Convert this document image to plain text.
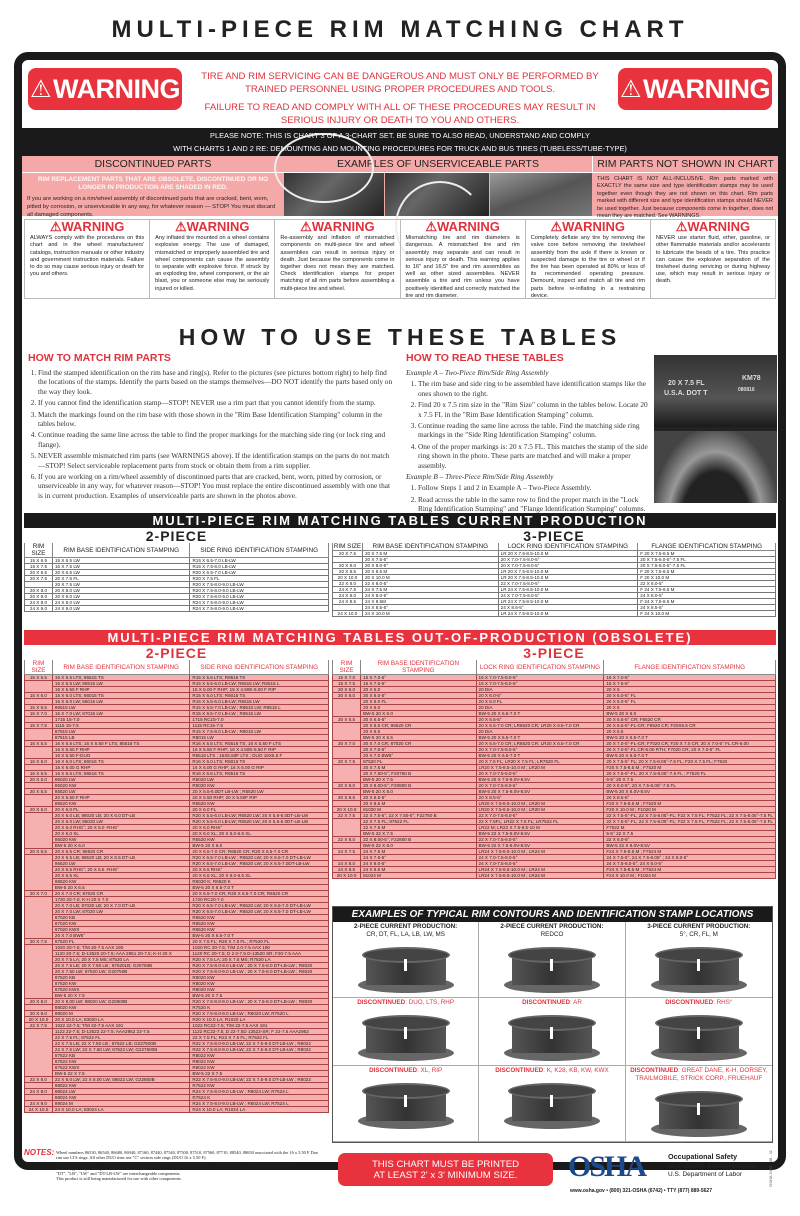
MULTI-PIECE RIM MATCHING CHART
⚠ WARNING	⚠ WARNING

TIRE AND RIM SERVICING CAN BE DANGEROUS AND MUST ONLY BE PERFORMED BY TRAINED PERSONNEL USING PROPER PROCEDURES AND TOOLS.

FAILURE TO READ AND COMPLY WITH ALL OF THESE PROCEDURES MAY RESULT IN SERIOUS INJURY OR DEATH TO YOU AND OTHERS.

PLEASE NOTE: THIS IS CHART 3 OF A 3-CHART SET. BE SURE TO ALSO READ, UNDERSTAND AND COMPLY
WITH CHARTS 1 AND 2 RE: DEMOUNTING AND MOUNTING PROCEDURES FOR TRUCK AND BUS TIRES (TUBELESS/TUBE-TYPE)
DISCONTINUED PARTS	EXAMPLES OF UNSERVICEABLE PARTS	RIM PARTS NOT SHOWN IN CHART
RIM REPLACEMENT PARTS THAT ARE OBSOLETE, DISCONTINUED OR NO LONGER IN PRODUCTION ARE SHADED IN RED.
If you are working on a rim/wheel assembly of discontinued parts that are cracked, bent, worn, pitted by corrosion, or unserviceable in any way, for whatever reason — STOP! You must discard all damaged components.
THIS CHART IS NOT ALL-INCLUSIVE. Rim parts marked with EXACTLY the same size and type identification stamps may be used together even though they are not shown on this chart. Rim parts marked with different size and type identification stamps should NEVER be used together. Just because components come in together, does not mean they are matched. See WARNINGS.
⚠WARNING
ALWAYS comply with the procedures on this chart and in the wheel manufacturers' catalogs, instruction manuals or other industry and government instruction materials. Failure to do so may cause serious injury or death for you and others.
⚠WARNING
Any inflated tire mounted on a wheel contains explosive energy. The use of damaged, mismatched or improperly assembled tire and wheel components can cause the assembly to separate with explosive force. If struck by an exploding tire, wheel component, or the air blast, you or someone else may be seriously injured or killed.
⚠WARNING
Re-assembly and inflation of mismatched components on multi-piece tire and wheel assemblies can result in serious injury or death. Just because the components come in together does not mean they are matched. Check identification stamps for proper matching of all rim parts before assembling a multi-piece tire and wheel.
⚠WARNING
Mismatching tire and rim diameters is dangerous. A mismatched tire and rim assembly may separate and can result in serious injury or death. This warning applies to 16" and 16.5" tire and rim assemblies as well as other sized assemblies. NEVER assemble a tire and rim unless you have positively identified and correctly matched the tire and rim diameter.
⚠WARNING
Completely deflate any tire by removing the valve core before removing the tire/wheel assembly from the axle if there is known or suspected damage to the tire or wheel or if the tire has been operated at 80% or less of its recommended operating pressure. Demount, inspect and match all tire and rim parts before re-inflating in a restraining device.
⚠WARNING
NEVER use starter fluid, ether, gasoline, or other flammable materials and/or accelerants to lubricate the beads of a tire. This practice can cause the explosive separation of the tire/wheel during servicing or during highway use, which may result in serious injury or death.
HOW TO USE THESE TABLES
HOW TO MATCH RIM PARTS
1. Find the stamped identification on the rim base and ring(s). Refer to the pictures (see pictures bottom right) to help find the locations of the stamps. Identify the parts based on the stamps themselves—DO NOT identify the parts based only on the way they look.
2. If you cannot find the identification stamp—STOP! NEVER use a rim part that you cannot identify from the stamp.
3. Match the markings found on the rim base with those shown in the "Rim Base Identification Stamping" column in the tables below.
4. Continue reading the same line across the table to find the proper markings for the matching side ring (or lock ring and flange).
5. NEVER assemble mismatched rim parts (see WARNINGS above). If the identification stamps on the parts do not match—STOP! Select serviceable replacement parts from stock or obtain them from a rim supplier.
6. If you are working on a rim/wheel assembly of discontinued parts that are cracked, bent, worn, pitted by corrosion, or unserviceable in any way, for whatever reason—STOP! You must replace the entire discontinued assembly with one that is in current production. Examples of unserviceable parts are shown in the photos above.
HOW TO READ THESE TABLES
Example A – Two-Piece Rim/Side Ring Assembly
1. The rim base and side ring to be assembled have identification stamps like the ones shown to the right.
2. Find 20 x 7.5 rim size in the "Rim Size" column in the tables below. Locate 20 x 7.5 FL in the "Rim Base Identification Stamping" column.
3. Continue reading the same line across the table. Find the matching side ring markings in the "Side Ring Identification Stamping" column.
4. One of the proper markings is: 20 x 7.5 FL. This matches the stamp of the side ring shown in the photo. These parts are matched and will make a proper assembly.
Example B – Three-Piece Rim/Side Ring Assembly
1. Follow Steps 1 and 2 in Example A – Two-Piece Assembly.
2. Read across the table in the same row to find the proper match in the "Lock Ring Identification Stamping" and "Flange Identification Stamping" columns.
20 X 7.5 FL
U.S.A. DOT T
KM78
080816
MULTI-PIECE RIM MATCHING TABLES CURRENT PRODUCTION
2-PIECE	3-PIECE
RIM SIZE	RIM BASE IDENTIFICATION STAMPING	SIDE RING IDENTIFICATION STAMPING
15 X 6.5	15 X 6.5 LW	R15 X 6.5-7.0 LB-LW
15 X 7.5	15 X 7.5 LW	R15 X 7.5-8.0 LB-LW
20 X 6.5	20 X 6.5 LW	R20 X 6.5-7.0 LB-LW
20 X 7.5	20 X 7.5 FL	R20 X 7.5 FL
	20 X 7.5 LW	R20 X 7.5-8.0-9.0 LB-LW
20 X 8.0	20 X 8.0 LW	R20 X 7.5-8.0-9.0 LB-LW
20 X 9.0	20 X 9.0 LW	R20 X 7.5-8.0-9.0 LB-LW
24 X 8.0	24 X 8.0 LW	R24 X 7.5-8.0-9.0 LB-LW
24 X 9.0	24 X 9.0 LW	R24 X 7.5-8.0-9.0 LB-LW
RIM SIZE	RIM BASE IDENTIFICATION STAMPING	LOCK RING IDENTIFICATION STAMPING	FLANGE IDENTIFICATION STAMPING
20 X 7.5	20 X 7.5 M	LR 20 X 7.5-8.5-10.0 M	F 20 X 7.5-8.5 M
	20 X 7.5-5°	20 X 7.0-7.5-8.0-5°	20 X 7.5-8.0-5°-7.5 FL
20 X 8.0	20 X 8.0-5°	20 X 7.0-7.5-8.0-5°	20 X 7.5-8.0-5°-7.5 FL
20 X 8.5	20 X 8.5 M	LR 20 X 7.5-8.5-10.0 M	F 20 X 7.5-8.5 M
20 X 10.0	20 X 10.0 M	LR 20 X 7.5-8.5-10.0 M	F 20 X 10.0 M
22 X 8.0	22 X 8.0-5°	22 X 7.0-7.5-8.0-5°	22 X 8.0-5°
24 X 7.5	24 X 7.5 M	LR 24 X 7.5-8.5-10.0 M	F 24 X 7.5-8.5 M
24 X 8.0	24 X 8.0-5°	24 X 7.0-7.5-8.0-5°	24 X 8.0-5°
24 X 8.5	24 X 8.5M	LR 24 X 7.5-8.5-10.0 M	F 24 X 7.5-8.5 M
	24 X 8.5-5°	24 X 8.5-5°	24 X 8.5-5°
24 X 10.0	24 X 10.0 M	LR 24 X 7.5-8.5-10.0 M	F 24 X 10.0 M
MULTI-PIECE RIM MATCHING TABLES OUT-OF-PRODUCTION (OBSOLETE)
2-PIECE	3-PIECE
RIM SIZE	RIM BASE IDENTIFICATION STAMPING	SIDE RING IDENTIFICATION STAMPING
15 X 5.5	15 X 5.5 LTS; 85515 TS	R15 X 5.5 LTS; R8515 TS
	15 X 5.5 LW; 85515 LW	R15 X 5.5-6.0 LB-LW; R5515 LW; R5515 L
	15 X 5.50 F RHP	15 X 5.00 F RHP; 15 X 4.50E-5.00 F RIP
15 X 6.0	15 X 6.0 LTS; 86015 TS	R15 X 6.0 LTS; R6015 TS
	15 X 6.0 LW; 86015 LW	R15 X 5.5-6.0 LB-LW; R5515 LW
15 X 6.5	86515 LW	R15 X 6.5-7.0 LB-LW ; R6515 LW; R6515 L
15 X 7.0	15 X 7.0 LW; 87015 LW	R15 X 6.5-7.0 LB-LW ; R6515 LW
	1715 15-7.0	1715 RC15-7.0
15 X 7.5	1115 15-7.5	1115 RC15-7.5
	87515 LW	R15 X 7.5-8.0 LB-LW ; R8015 LW
	87515 LB	R8015 LW
16 X 5.5	16 X 5.5 LTS; 16 X 5.50 F LTS; 85516 TS	R16 X 5.5 LTS; R5516 TS; 16 X 5.50 F LTS
	16 X 5.50 F RHP	16 X 5.50 F RHP; 16 X 4.50E-5.50 F RIP
	16 X 5.50 F-DUO	R5516 LTS ; 16X5.50F LTS ; DUO 16X5.5 F
16 X 6.0	16 X 6.0 LTS; 86016 TS	R16 X 6.0 LTS; R6016 TS
	16 X 6.00 G RHP	16 X 6.00 G RHP; 16 X 6.00 G RIP
16 X 6.5	16 X 6.5 LTS; 86516 TS	R16 X 6.5 LTS; R6516 TS
20 X 5.0	85020 LW	R5020 LW
	85020 KW	R5020 KW
20 X 5.5	85520 LW	20 X 5.5-6.0DT LB-LW ; R5520 LW
	20 X 5.50 F RHP	20 X 5.50 RHP; 20 X 5.50F RIP
	85520 KW	R5520 KW
20 X 6.0	20 X 6.0 FL	20 X 6.0 FL
	20 X 6.0 LB; 86020 LB; 20 X 6.0 DT-LB	R20 X 5.5-6.0 LB-LW; R5520 LW; 20 X 5.5-6.0DT-LB-LW
	20 X 6.0 LW; 86020 LW	R20 X 5.5-6.0 LB-LW; R5520 LW; 20 X 5.5-6.0DT-LB-LW
	20 X 6.0 RHS°; 20 X 6.0 -RHS°	20 X 6.0 RHS°
	20 X 6.0 XL	20 X 6.0 XL; 20 X 6.0-6.5 XL
	86020 KW	R5520 KW
	BW-5 20 X 6.0	BW-5 20 X 6.0
20 X 6.5	20 X 6.5 CR; 86520 CR	20 X 6.5-7.0 CR; R6520 CR; R20 X 6.5-7.0 CR
	20 X 6.5 LB; 86520 LB; 20 X 6.5 DT-LB	R20 X 6.5-7.0 LB-LW ; R6520 LW; 20 X 6.5-7.0 DT-LB-LW
	86520 LW	R20 X 6.5-7.0 LB-LW ; R6520 LW; 20 X 6.5-7.0DT-LB-LW
	20 X 6.5 RHS°; 20 X 6.5 -RHS°	20 X 6.5 RHS°
	20 X 6.5 XL	20 X 6.5 XL; 20 X 6.0-6.5 XL
	86520 KW	R6020 K; R6520 K
	BW-5 20 X 6.5	BW-5 20 X 6.5-7.0 T
20 X 7.0	20 X 7.0 CR; 87020 CR	20 X 6.5-7.0 CR; R20 X 6.5-7.0 CR; R6520 CR
	1720 20-7.0; K-H 20 X 7.0	1720 RC20-7.0
	20 X 7.0 LB; 87020 LB; 20 X 7.0 DT-LB	R20 X 6.5-7.0 LB-LW ; R6520 LW; 20 X 6.5-7.0 DT-LB-LW
	20 X 7.0 LW; 87020 LW	R20 X 6.5-7.0 LB-LW ; R6520 LW; 20 X 6.5-7.0 DT-LB-LW
	87020 KB	R6520 KW
	87020 KW	R6520 KW
	87020 KWX	R6520 KW
	20 X 7.0 BW5°	BW-5 20 X 6.5-7.0 T
20 X 7.5	87520 FL	20 X 7.5 FL; R20 X 7.5 FL ; R7520 FL
	1020 20-7.5; T/M 20-7.5 AAX 190	1020 RC 20-7.5; T/M 2.0-7.5 AAX 190
	1120 20-7.5; D-13520 20-7.5; AAA 2951 20-7.5; K-H 20 X	1120 RC 20-7.5; D 2.0-7.5 D-13520 SR; F20-7.5 AAA
	20 X 7.5 LA; 20 X 7.5 MS; 87520 LA	R20 X 7.5 LA; 20 X 7.5 MS; R7520 LA
	20 X 7.5 LB; 20 X 7.50 LB ; 87520LB; G20750B	R20 X 7.5-8.0-9.0 LB-LW ; 20 X 7.5-8.0 DT-LB-LW ; R8020
	20 X 7.50 LW; 87520 LW; G20750B	R20 X 7.5-8.0-9.0 LB-LW ; 20 X 7.5-8.0 DT-LB-LW ; R8020
	87520 KB	R8020 KW
	87520 KW	R8020 KW
	87520 KWX	R8020 KW
	BW-5 20 X 7.5	BW-5 20 X 7.5
20 X 8.0	20 X 8.00 LW; 88020 LW; G20800B	R20 X 7.5-8.0-9.0 LB-LW ; 20 X 7.5-8.0 DT-LB-LW ; R8020
	88020 KW	R7520 K
20 X 9.0	89020 M	R20 X 7.5-8.0-9.0 LB-LW ; R8020 LW; R7520 L
20 X 10.0	20 X 10.0 LA; 83020 LA	R20 X 10.0 LA; R1020 LA
22 X 7.5	1022 22-7.5; T/M 22-7.5 AAX 191	1022 RC22-7.5; T/M 22-7.5 AAX 191
	1122 22-7.5; D-13522 22-7.5; AAA2952 22-7.5	1122 RC22-7.5; D 22-7.5D 13522-SR; F 22-7.5 AAA2952
	22 X 7.5 FL; 87522 FL	22 X 7.5 FL; R22 X 7.5 FL; R7522 FL
	22 X 7.5 LB; 22 X 7.50 LB ; 87522 LB; G227500B	R22 X 7.5-8.0-9.0 LB-LW; 22 X 7.5-8.0 DT-LB-LW ; R8022
	22 X 7.5 LW; 22 X 7.50 LW; 87522 LW; G227500B	R22 X 7.5-8.0-9.0 LB-LW; 22 X 7.5-8.0 DT-LB-LW ; R8022
	87522 KB	R8022 KW
	87522 KW	R8022 KW
	87522 KWX	R8022 KW
	BW-5 22 X 7.5	BW-5 22 X 7.5
22 X 8.0	22 X 8.0 LW; 22 X 8.00 LW; 88022 LW; G22800B	R22 X 7.5-8.0-9.0 LB-LW; 22 X 7.5-8.0 DT-LB-LW ; R8022
	88022 KW	R7522 KW
24 X 8.0	88024 LW	R24 X 7.5-8.0-9.0 LB-LW ; R8024 LW; R7524 L
	88024 KW	R7524 K
24 X 9.0	89024 M	R24 X 7.5-8.0-9.0 LB-LW ; R8024 LW; R7524 L
24 X 10.0	24 X 10.0 LA; 83024 LA	R24 X 10.0 LA; R1024 LA
RIM SIZE	RIM BASE IDENTIFICATION STAMPING	LOCK RING IDENTIFICATION STAMPING	FLANGE IDENTIFICATION STAMPING
15 X 7.0	15 X 7.0-5°	15 X 7.0-7.5-8.0-5°	15 X 7.0-5°
15 X 7.5	15 X 7.5-5°	15 X 7.0-7.5-8.0-5°	15 X 7.5-5°
20 X 5.0	20 X 5.0	20 DIA	20 X 5
20 X 6.0	20 X 6.0-5°	20 X 6.0-5°	20 X 6.0-5° FL
	20 X 6.0 FL	20 X 6.0 FL	20 X 6.0-5° FL
	20 X 6.0	20 DIA	20 X 6
	BW-5 20 X 6.0	BW-5 20 X 6.5-7.0 T	BW-5 20 X 6.0
20 X 6.5	20 X 6.5-5°	20 X 6.5-5°	20 X 6.5-5° CR; F6520 CR
	20 X 6.5 CR; 86520 CR	20 X 6.5-7.0 CR; LR6520 CR; LR20 X 6.5-7.0 CR	20 X 6.5-5°-FL-CR; F6520 CR; F20X6.5 CR
	20 X 6.5	20 DIA	20 X 6.5
	BW-5 20 X 6.5	BW-5 20 X 6.5-7.0 T	BW-5 20 X 6.5-7.0 T
20 X 7.0	20 X 7.0 CR; 87020 CR	20 X 6.5-7.0 CR; LR6520 CR; LR20 X 6.5-7.0 CR	20 X 7.0-5°-FL-CR; F7020 CR; F20 X 7.0 CR; 20 X 7.0-5° FL CR-6.00
	20 X 7.0-5°	20 X 7.0-7.5-8.0-5°	20 X 7.0-5°-FL CR-6.00 RTH; F7020 CR; 20 X 7.0-5° FL
	20 X 7.0 BW5°	BW-5 20 X 6.5-7.0 T	BW-5 20 X 6.5-7.0 T
20 X 7.5	87520 FL	20 X 7.5 FL; LR20 X 7.5 FL; LR7520 FL	20 X 7.5-5° FL; 20 X 7.5-8.05°-7.5 FL; F20 X 7.5 FL; F7520
	20 X 7.5 M	LR20 X 7.5-8.5-10.0 M ; LR20 M	F20 X 7.5-8.5 M ; F7520 M
	20 X 7.50-5°; F20750 B	20 X 7.0-7.5-8.0-5°	20 X 7.5-5°-FL; 20 X 7.5-8.05°-7.5 FL ; F7520 FL
	BW-5 20 X 7.5	BW-5 20 X 7.5-8.0V-8.5V	5-5° 20 X 7.5
20 X 8.0	20 X 8.00-5°; F20800 B	20 X 7.0-7.5-8.0-5°	20 X 8.0-5°; 20 X 7.5-8.05°-7.5 FL
	BW-5 20 X 8.0	BW-5 20 X 7.5-8.0V-8.5V	BW-5 20 X 8.0V-8.5V
20 X 8.5	20 X 8.5-5°	20 X 8.5-5°	20 X 8.5-5°
	20 X 8.5 M	LR20 X 7.5-8.5-10.0 M ; LR20 M	F20 X 7.5-8.5 M ; F7520 M
20 X 10.0	81020 M	LR20 X 7.5-8.5-10.0 M ; LR20 M	F20 X 10.0 M ; F1020 M
22 X 7.5	22 X 7.5-5°; 22 X 7.50-5°; F22750 B	22 X 7.0-7.5-8.0-5°	22 X 7.5-5°-FL; 22 X 7.5-8.05°-FL; F22 X 7.5 FL; F7522 FL; 22 X 7.5-8.05°-7.5 FL
	22 X 7.5 FL; 87522 FL	22 X 7.5FL; LR22 X 7.5 FL; LR7522 FL	22 X 7.5-5°-FL; 22 X 7.5-8.05°-FL; F22 X 7.5 FL; F7522 FL; 22 X 7.5-8.05°-7.5 FL
	22 X 7.5 M	LR22 M; LR22 X 7.5-8.5-10 M	F7522 M
	BW-5 22 X 7.5	BW-5 22 X 7.5-8.0V-8.5V	5-5° 22 X 7.5
22 X 8.0	22 X 8.00-5°; F22800 B	22 X 7.0-7.5-8.0-5°	22 X 8.0-5°
	BW-5 22 X 8.0	BW-5 22 X 7.5-8.0V-8.5V	BW-5 22 X 8.0V-8.5V
24 X 7.5	24 X 7.5 M	LR24 X 7.5-8.5-10.0 M ; LR24 M	F24 X 7.5-8.5 M ; F7524 M
	24 X 7.5-5°	24 X 7.0-7.5-8.0-5°	24 X 7.5-5°; 24 X 7.5-8.05° ; 24 X 8.0-5°
24 X 8.0	24 X 8.0-5°	24 X 7.0-7.5-8.0-5°	24 X 7.5-8.0-5°; 24 X 8.0-5°
24 X 8.5	24 X 8.5 M	LR24 X 7.5-8.5-10.0 M ; LR24 M	F24 X 7.5-8.5 M ; F7524 M
20 X 10.0	81024 M	LR24 X 7.5-8.5-10.0 M ; LR24 M	F24 X 10.0 M ; F1024 M
EXAMPLES OF TYPICAL RIM CONTOURS AND IDENTIFICATION STAMP LOCATIONS
2-PIECE CURRENT PRODUCTION:
CR, DT, FL, LA, LB, LW, MS
2-PIECE CURRENT PRODUCTION:
REDCO
3-PIECE CURRENT PRODUCTION:
5°, CR, FL, M
DISCONTINUED: DUO, LTS, RHP	DISCONTINUED: AR	DISCONTINUED: RHS°
DISCONTINUED: XL, RIP	DISCONTINUED: K, K28, KB, KW, KWX	DISCONTINUED: GREAT DANE, K-H, DORSEY, TRAILMOBILE, STRICK CORP., FRUEHAUF
NOTES: Wheel numbers 86530, 86540, 86680, 86940, 87160, 87440, 87540, 87500, 87510, 87560, 87710, 88540, 88650 associated with the 16 x 5.50 F Duo rim use LTS rings. All other DUO rims use "C" section side rings (DUO 16 x 5.50 F).
Some aluminum wheel stampings are followed by a character (S-T-X-B) which indicates a finished surface condition. This does not affect the interchangeability of the parts as shown on this table.
"DT", "LB", "LW" and "DT-LB-LW" are interchangeable components.
This product is still being manufactured for use with other components.
THIS CHART MUST BE PRINTED
AT LEAST 2' x 3' MINIMUM SIZE.	OSHA	Occupational Safety
and Health Administration
U.S. Department of Labor
www.osha.gov • (800) 321-OSHA (6742) • TTY (877) 889-5627
OSHA 3402 - 08 - 11
